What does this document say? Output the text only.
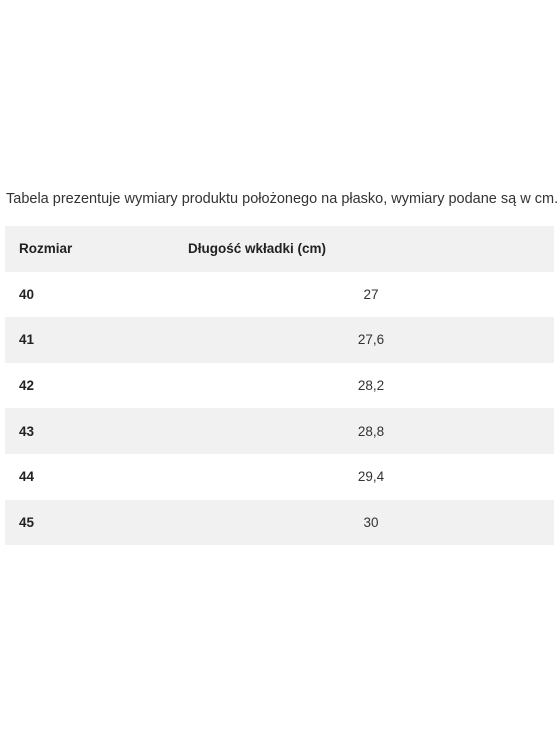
Tabela prezentuje wymiary produktu położonego na płasko, wymiary podane są w cm.
Rozmiar	Długość wkładki (cm)
40	27
41	27,6
42	28,2
43	28,8
44	29,4
45	30
